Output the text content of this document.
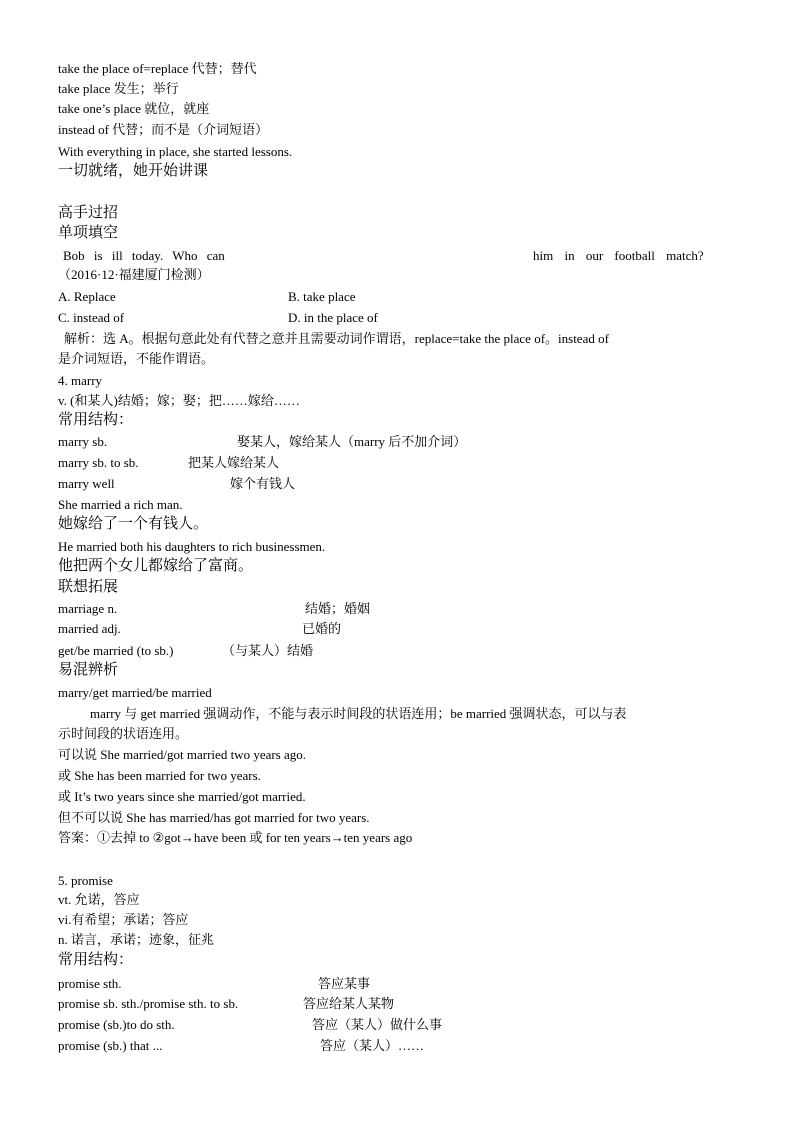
take the place of=replace 代替；替代
take place 发生；举行
take one’s place 就位，就座
instead of 代替；而不是（介词短语）
With everything in place, she started lessons.
一切就绪，她开始讲课
高手过招
单项填空
Bob is ill today. Who can	him in our football match?
（2016·12·福建厦门检测）
A. Replace	B. take place
C. instead of	D. in the place of
解析：选 A。根据句意此处有代替之意并且需要动词作谓语，replace=take the place of。instead of
是介词短语，不能作谓语。
4. marry
v. (和某人)结婚；嫁；娶；把……嫁给……
常用结构：
marry sb.	娶某人，嫁给某人（marry 后不加介词）
marry sb. to sb.	把某人嫁给某人
marry well	嫁个有钱人
She married a rich man.
她嫁给了一个有钱人。
He married both his daughters to rich businessmen.
他把两个女儿都嫁给了富商。
联想拓展
marriage n.	结婚；婚姻
married adj.	已婚的
get/be married (to sb.)	（与某人）结婚
易混辨析
marry/get married/be married
marry 与 get married 强调动作，不能与表示时间段的状语连用；be married 强调状态，可以与表
示时间段的状语连用。
可以说 She married/got married two years ago.
或 She has been married for two years.
或 It’s two years since she married/got married.
但不可以说 She has married/has got married for two years.
答案：①去掉 to ②got→have been 或 for ten years→ten years ago
5. promise
vt. 允诺，答应
vi.有希望；承诺；答应
n. 诺言，承诺；迹象，征兆
常用结构：
promise sth.	答应某事
promise sb. sth./promise sth. to sb.	答应给某人某物
promise (sb.)to do sth.	答应（某人）做什么事
promise (sb.) that ...	答应（某人）……
